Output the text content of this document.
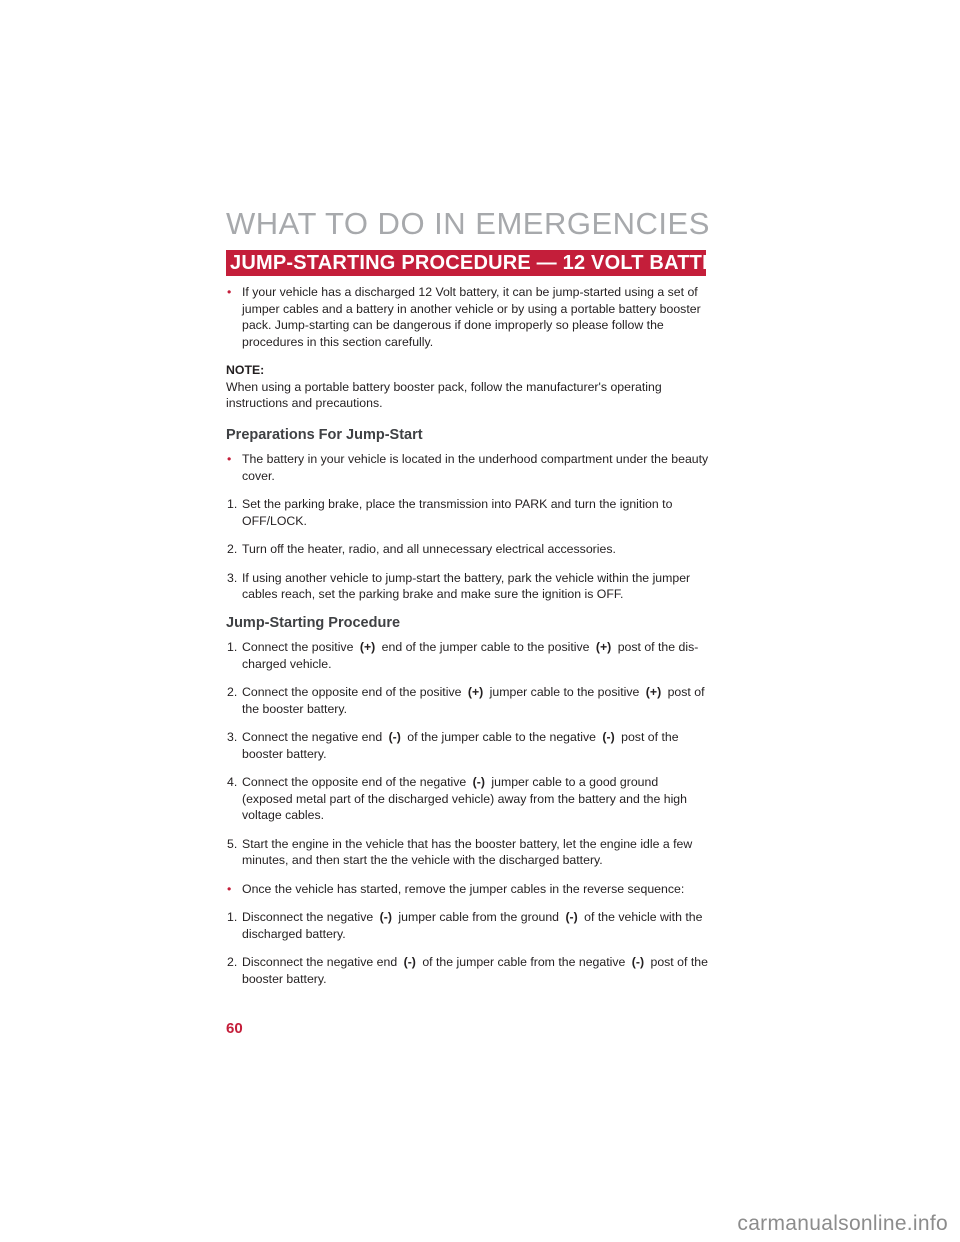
WHAT TO DO IN EMERGENCIES
JUMP-STARTING PROCEDURE — 12 VOLT BATTERY
• If your vehicle has a discharged 12 Volt battery, it can be jump-started using a set of jumper cables and a battery in another vehicle or by using a portable battery booster pack. Jump-starting can be dangerous if done improperly so please follow the procedures in this section carefully.
NOTE:
When using a portable battery booster pack, follow the manufacturer's operating instructions and precautions.
Preparations For Jump-Start
• The battery in your vehicle is located in the underhood compartment under the beauty cover.
1. Set the parking brake, place the transmission into PARK and turn the ignition to OFF/LOCK.
2. Turn off the heater, radio, and all unnecessary electrical accessories.
3. If using another vehicle to jump-start the battery, park the vehicle within the jumper cables reach, set the parking brake and make sure the ignition is OFF.
Jump-Starting Procedure
1. Connect the positive (+) end of the jumper cable to the positive (+) post of the dis-charged vehicle.
2. Connect the opposite end of the positive (+) jumper cable to the positive (+) post of the booster battery.
3. Connect the negative end (-) of the jumper cable to the negative (-) post of the booster battery.
4. Connect the opposite end of the negative (-) jumper cable to a good ground (exposed metal part of the discharged vehicle) away from the battery and the high voltage cables.
5. Start the engine in the vehicle that has the booster battery, let the engine idle a few minutes, and then start the the vehicle with the discharged battery.
• Once the vehicle has started, remove the jumper cables in the reverse sequence:
1. Disconnect the negative (-) jumper cable from the ground (-) of the vehicle with the discharged battery.
2. Disconnect the negative end (-) of the jumper cable from the negative (-) post of the booster battery.
60
carmanualsonline.info
